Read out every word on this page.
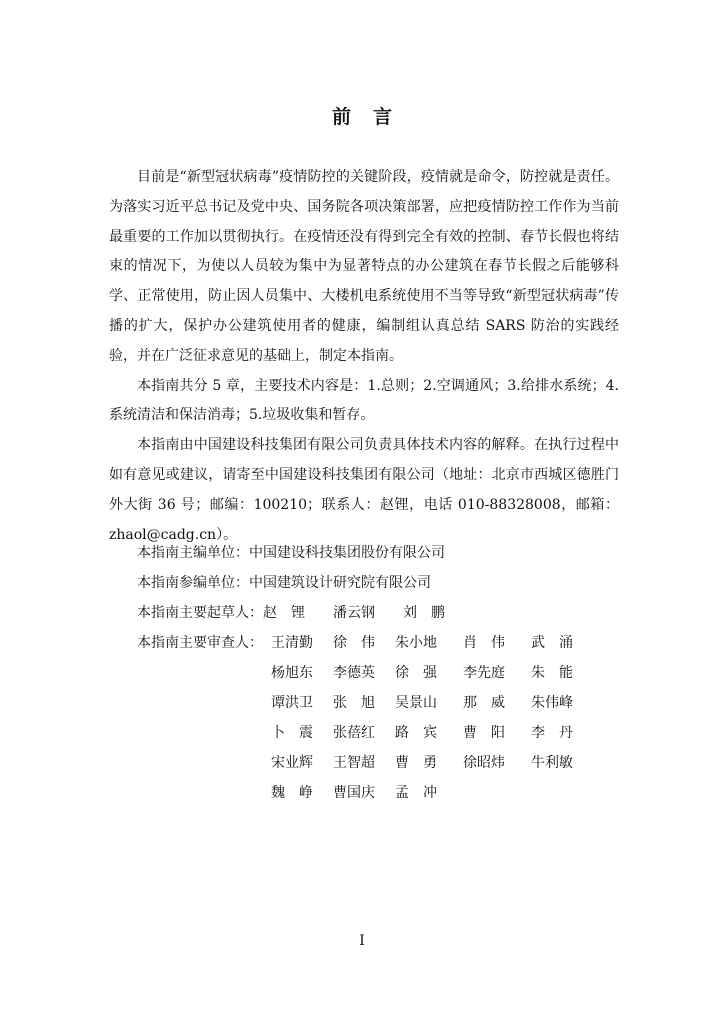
前言

目前是“新型冠状病毒”疫情防控的关键阶段，疫情就是命令，防控就是责任。为落实习近平总书记及党中央、国务院各项决策部署，应把疫情防控工作作为当前最重要的工作加以贯彻执行。在疫情还没有得到完全有效的控制、春节长假也将结束的情况下，为使以人员较为集中为显著特点的办公建筑在春节长假之后能够科学、正常使用，防止因人员集中、大楼机电系统使用不当等导致“新型冠状病毒”传播的扩大，保护办公建筑使用者的健康，编制组认真总结 SARS 防治的实践经验，并在广泛征求意见的基础上，制定本指南。

本指南共分 5 章，主要技术内容是：1.总则；2.空调通风；3.给排水系统；4.系统清洁和保洁消毒；5.垃圾收集和暂存。

本指南由中国建设科技集团有限公司负责具体技术内容的解释。在执行过程中如有意见或建议，请寄至中国建设科技集团有限公司（地址：北京市西城区德胜门外大街 36 号；邮编：100210；联系人：赵锂，电话 010-88328008，邮箱：zhaol@cadg.cn）。

本指南主编单位：中国建设科技集团股份有限公司
本指南参编单位：中国建筑设计研究院有限公司
本指南主要起草人：赵　锂　　潘云钢　　刘　鹏
本指南主要审查人： 王清勤	徐　伟	朱小地	肖　伟	武　涌
杨旭东	李德英	徐　强	李先庭	朱　能
谭洪卫	张　旭	吴景山	那　威	朱伟峰
卜　震	张蓓红	路　宾	曹　阳	李　丹
宋业辉	王智超	曹　勇	徐昭炜	牛利敏
魏　峥	曹国庆	孟　冲
I
